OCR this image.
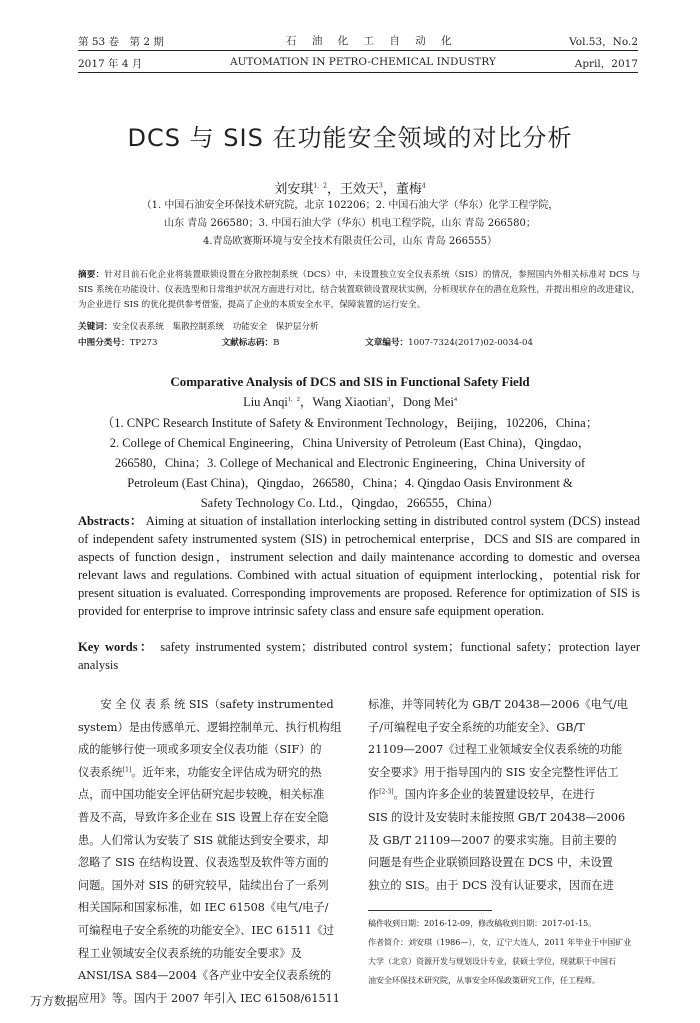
第 53 卷　第 2 期
2017 年 4 月
石 油 化 工 自 动 化
AUTOMATION IN PETRO-CHEMICAL INDUSTRY
Vol.53，No.2
April，2017
DCS 与 SIS 在功能安全领域的对比分析
刘安琪$^{1,2}$，王效天$^3$，董梅$^4$
（1. 中国石油安全环保技术研究院，北京 102206；2. 中国石油大学（华东）化学工程学院，
山东 青岛 266580；3. 中国石油大学（华东）机电工程学院，山东 青岛 266580；
4.青岛欧赛斯环境与安全技术有限责任公司，山东 青岛 266555）
摘要：针对目前石化企业将装置联锁设置在分散控制系统（DCS）中，未设置独立安全仪表系统（SIS）的情况，参照国内外相关标准对 DCS 与 SIS 系统在功能设计、仪表选型和日常维护状况方面进行对比，结合装置联锁设置现状实例，分析现状存在的潜在危险性，并提出相应的改进建议，为企业进行 SIS 的优化提供参考借鉴，提高了企业的本质安全水平，保障装置的运行安全。
关键词：安全仪表系统　集散控制系统　功能安全　保护层分析
中图分类号：TP273	文献标志码：B	文章编号：1007-7324(2017)02-0034-04
Comparative Analysis of DCS and SIS in Functional Safety Field
Liu Anqi$^{1,2}$，Wang Xiaotian$^3$，Dong Mei$^4$
（1. CNPC Research Institute of Safety & Environment Technology，Beijing，102206，China；
2. College of Chemical Engineering，China University of Petroleum (East China)，Qingdao，
266580，China；3. College of Mechanical and Electronic Engineering，China University of
Petroleum (East China)，Qingdao，266580，China；4. Qingdao Oasis Environment &
Safety Technology Co. Ltd.，Qingdao，266555，China）
Abstracts： Aiming at situation of installation interlocking setting in distributed control system (DCS) instead of independent safety instrumented system (SIS) in petrochemical enterprise，DCS and SIS are compared in aspects of function design，instrument selection and daily maintenance according to domestic and oversea relevant laws and regulations. Combined with actual situation of equipment interlocking，potential risk for present situation is evaluated. Corresponding improvements are proposed. Reference for optimization of SIS is provided for enterprise to improve intrinsic safety class and ensure safe equipment operation.
Key words： safety instrumented system；distributed control system；functional safety；protection layer analysis
　　安 全 仪 表 系 统 SIS（safety instrumented
system）是由传感单元、逻辑控制单元、执行机构组
成的能够行使一项或多项安全仪表功能（SIF）的
仪表系统[1]。近年来，功能安全评估成为研究的热
点，而中国功能安全评估研究起步较晚，相关标准
普及不高，导致许多企业在 SIS 设置上存在安全隐
患。人们常认为安装了 SIS 就能达到安全要求，却
忽略了 SIS 在结构设置、仪表选型及软件等方面的
问题。国外对 SIS 的研究较早，陆续出台了一系列
相关国际和国家标准，如 IEC 61508《电气/电子/
可编程电子安全系统的功能安全》、IEC 61511《过
程工业领域安全仪表系统的功能安全要求》及
ANSI/ISA S84—2004《各产业中安全仪表系统的
应用》等。国内于 2007 年引入 IEC 61508/61511
标准，并等同转化为 GB/T 20438—2006《电气/电
子/可编程电子安全系统的功能安全》、GB/T
21109—2007《过程工业领域安全仪表系统的功能
安全要求》用于指导国内的 SIS 安全完整性评估工
作[2-3]。国内许多企业的装置建设较早，在进行
SIS 的设计及安装时未能按照 GB/T 20438—2006
及 GB/T 21109—2007 的要求实施。目前主要的
问题是有些企业联锁回路设置在 DCS 中，未设置
独立的 SIS。由于 DCS 没有认证要求，因而在进
稿件收到日期：2016-12-09，修改稿收到日期：2017-01-15。
作者简介：刘安琪（1986—），女，辽宁大连人，2011 年毕业于中国矿业
大学（北京）资源开发与规划设计专业，获硕士学位，现就职于中国石
油安全环保技术研究院，从事安全环保政策研究工作，任工程师。
万方数据
